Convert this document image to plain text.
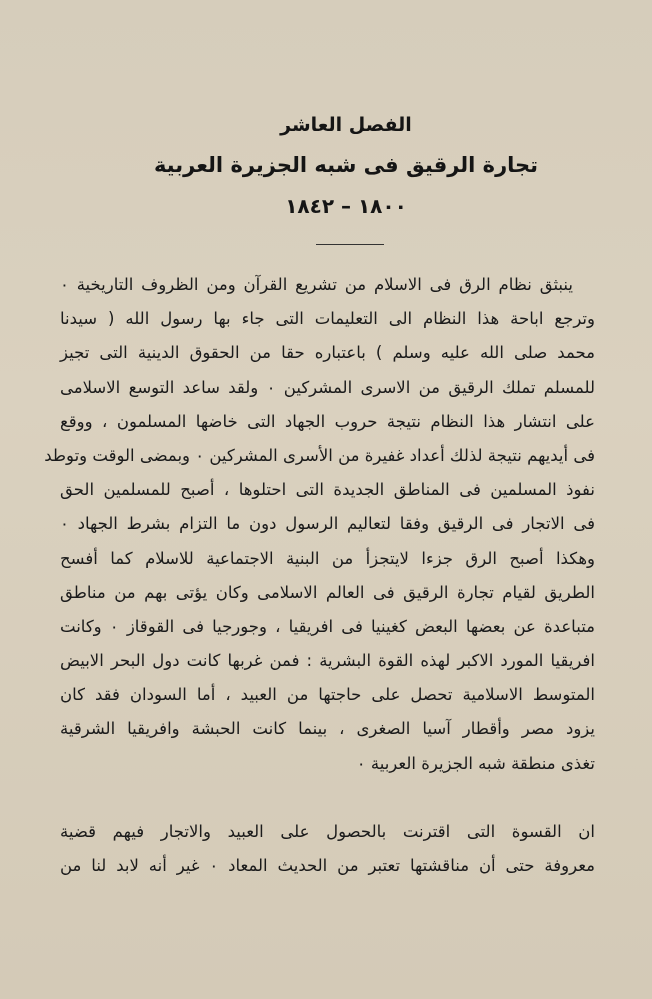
الفصل العاشر
تجارة الرقيق فى شبه الجزيرة العربية
١٨٠٠ – ١٨٤٢
ينبثق نظام الرق فى الاسلام من تشريع القرآن ومن الظروف التاريخية ٠
وترجع اباحة هذا النظام الى التعليمات التى جاء بها رسول الله ( سيدنا
محمد صلى الله عليه وسلم ) باعتباره حقا من الحقوق الدينية التى تجيز
للمسلم تملك الرقيق من الاسرى المشركين ٠ ولقد ساعد التوسع الاسلامى
على انتشار هذا النظام نتيجة حروب الجهاد التى خاضها المسلمون ، ووقع
فى أيديهم نتيجة لذلك أعداد غفيرة من الأسرى المشركين ٠ وبمضى الوقت وتوطد
نفوذ المسلمين فى المناطق الجديدة التى احتلوها ، أصبح للمسلمين الحق
فى الاتجار فى الرقيق وفقا لتعاليم الرسول دون ما التزام بشرط الجهاد ٠
وهكذا أصبح الرق جزءا لايتجزأ من البنية الاجتماعية للاسلام كما أفسح
الطريق لقيام تجارة الرقيق فى العالم الاسلامى وكان يؤتى بهم من مناطق
متباعدة عن بعضها البعض كغينيا فى افريقيا ، وجورجيا فى القوقاز ٠ وكانت
افريقيا المورد الاكبر لهذه القوة البشرية : فمن غربها كانت دول البحر الابيض
المتوسط الاسلامية تحصل على حاجتها من العبيد ، أما السودان فقد كان
يزود مصر وأقطار آسيا الصغرى ، بينما كانت الحبشة وافريقيا الشرقية
تغذى منطقة شبه الجزيرة العربية ٠
ان القسوة التى اقترنت بالحصول على العبيد والاتجار فيهم قضية
معروفة حتى أن مناقشتها تعتبر من الحديث المعاد ٠ غير أنه لابد لنا من
